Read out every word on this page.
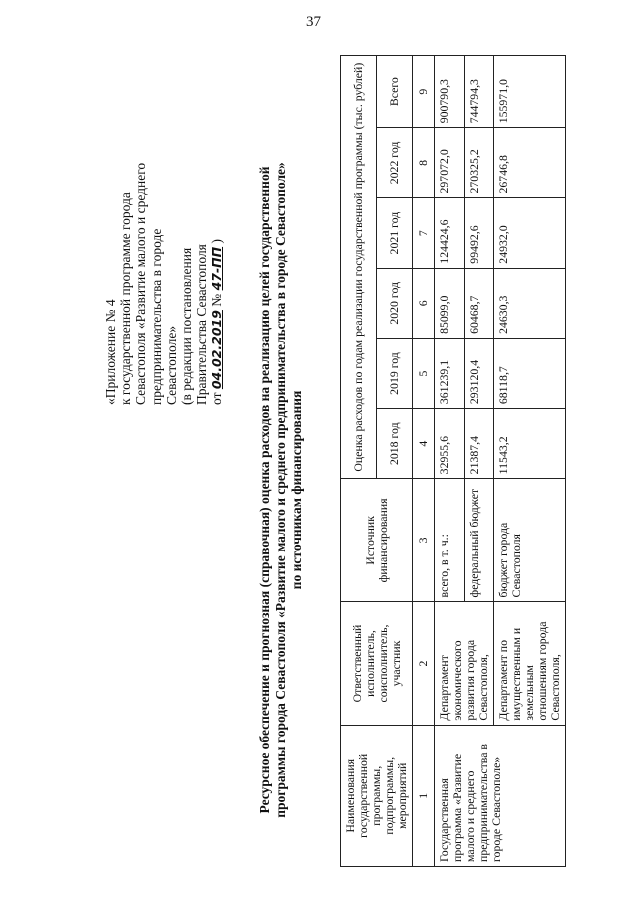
37
«Приложение № 4 к государственной программе города Севастополя «Развитие малого и среднего предпринимательства в городе Севастополе» (в редакции постановления Правительства Севастополя от 04.02.2019 № 47-ПП ) Ресурсное обеспечение и прогнозная (справочная) оценка расходов на реализацию целей государственной программы города Севастополя «Развитие малого и среднего предпринимательства в городе Севастополе» по источникам финансирования
Наименования государственной программы, подпрограммы, мероприятий	Ответственный исполнитель, соисполнитель, участник	Источник финансирования	Оценка расходов по годам реализации государственной программы (тыс. рублей)					
			2018 год	2019 год	2020 год	2021 год	2022 год	Всего
1	2	3	4	5	6	7	8	9
Государственная программа «Развитие малого и среднего предпринимательства в городе Севастополе»	Департамент экономического развития города Севастополя,	всего, в т. ч.:	32955,6	361239,1	85099,0	124424,6	297072,0	900790,3
		федеральный бюджет	21387,4	293120,4	60468,7	99492,6	270325,2	744794,3
	Департамент по имущественным и земельным отношениям города Севастополя,	бюджет города Севастополя	11543,2	68118,7	24630,3	24932,0	26746,8	155971,0
